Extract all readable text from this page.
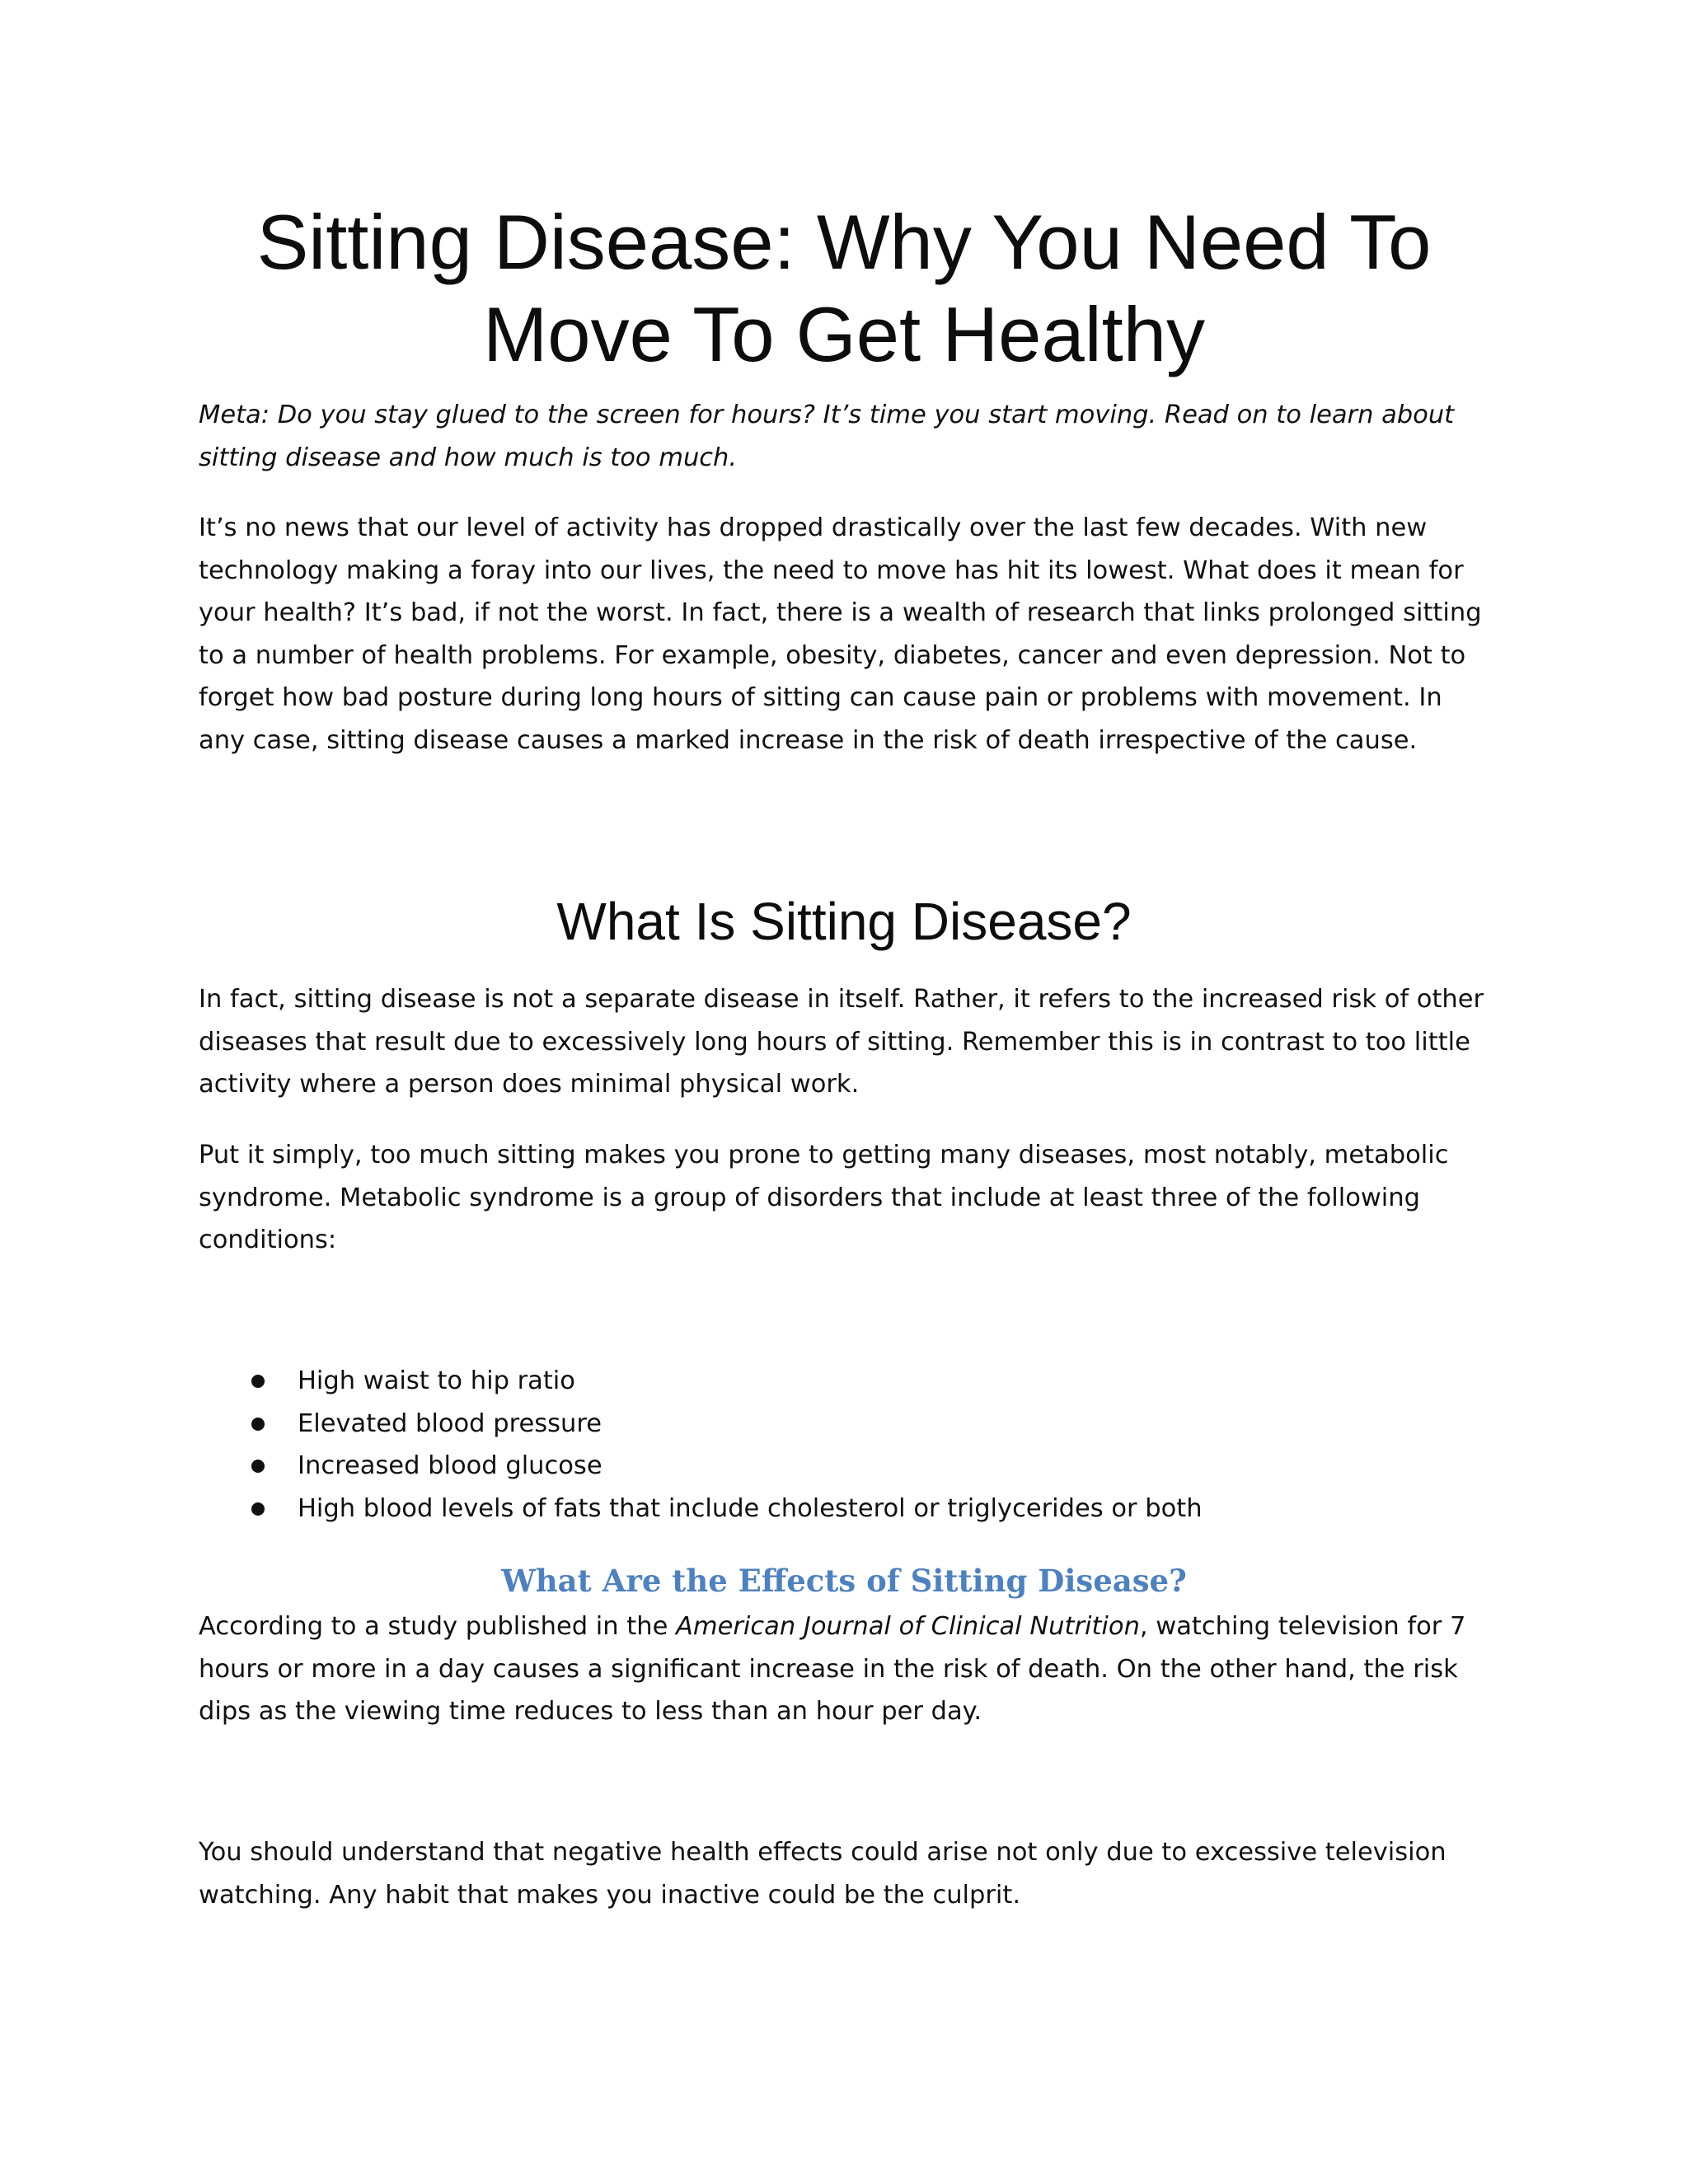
Sitting Disease: Why You Need To
Move To Get Healthy

Meta: Do you stay glued to the screen for hours? It’s time you start moving. Read on to learn about sitting disease and how much is too much.

It’s no news that our level of activity has dropped drastically over the last few decades. With new technology making a foray into our lives, the need to move has hit its lowest. What does it mean for your health? It’s bad, if not the worst. In fact, there is a wealth of research that links prolonged sitting to a number of health problems. For example, obesity, diabetes, cancer and even depression. Not to forget how bad posture during long hours of sitting can cause pain or problems with movement. In any case, sitting disease causes a marked increase in the risk of death irrespective of the cause.

What Is Sitting Disease?

In fact, sitting disease is not a separate disease in itself. Rather, it refers to the increased risk of other diseases that result due to excessively long hours of sitting. Remember this is in contrast to too little activity where a person does minimal physical work.

Put it simply, too much sitting makes you prone to getting many diseases, most notably, metabolic syndrome. Metabolic syndrome is a group of disorders that include at least three of the following conditions:

High waist to hip ratio
Elevated blood pressure
Increased blood glucose
High blood levels of fats that include cholesterol or triglycerides or both
What Are the Effects of Sitting Disease?

According to a study published in the American Journal of Clinical Nutrition, watching television for 7 hours or more in a day causes a significant increase in the risk of death. On the other hand, the risk dips as the viewing time reduces to less than an hour per day.

You should understand that negative health effects could arise not only due to excessive television watching. Any habit that makes you inactive could be the culprit.
